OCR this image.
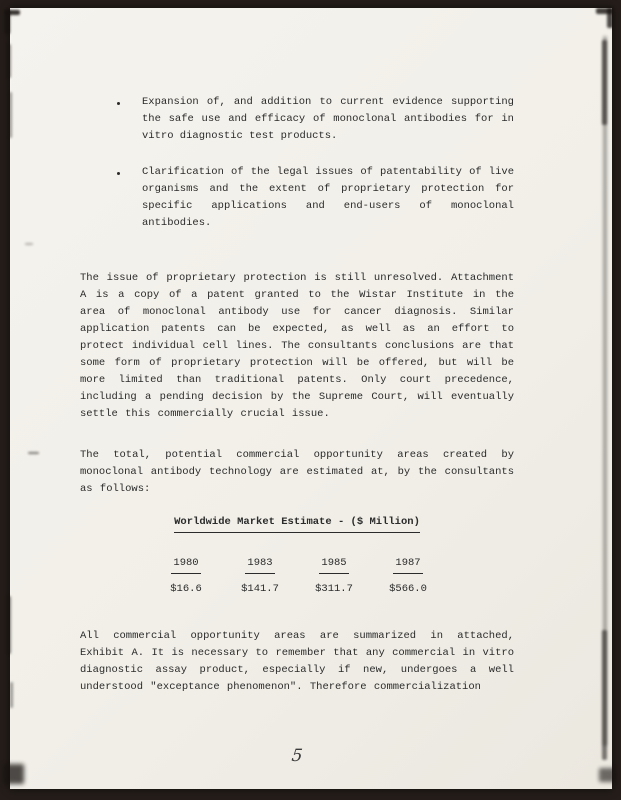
Expansion of, and addition to current evidence supporting the safe use and efficacy of monoclonal antibodies for in vitro diagnostic test products.
Clarification of the legal issues of patentability of live organisms and the extent of proprietary protection for specific applications and end-users of monoclonal antibodies.

The issue of proprietary protection is still unresolved. Attachment A is a copy of a patent granted to the Wistar Institute in the area of monoclonal antibody use for cancer diagnosis. Similar application patents can be expected, as well as an effort to protect individual cell lines. The consultants conclusions are that some form of proprietary protection will be offered, but will be more limited than traditional patents. Only court precedence, including a pending decision by the Supreme Court, will eventually settle this commercially crucial issue.

The total, potential commercial opportunity areas created by monoclonal antibody technology are estimated at, by the consultants as follows:

Worldwide Market Estimate - ($ Million)
1980
$16.6
1983
$141.7
1985
$311.7
1987
$566.0

All commercial opportunity areas are summarized in attached, Exhibit A. It is necessary to remember that any commercial in vitro diagnostic assay product, especially if new, undergoes a well understood "exceptance phenomenon". Therefore commercialization

5
